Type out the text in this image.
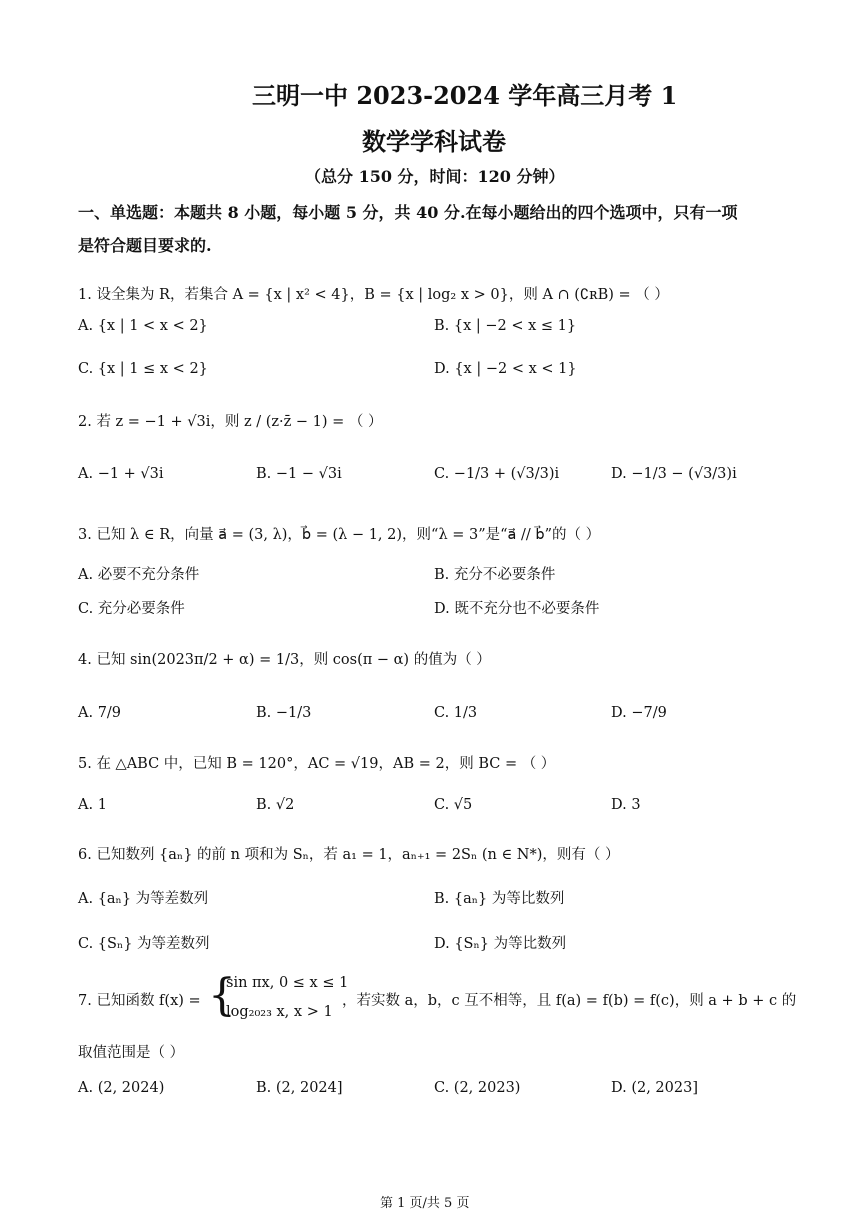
三明一中 2023-2024 学年高三月考 1
数学学科试卷
（总分 150 分，时间：120 分钟）
一、单选题：本题共 8 小题，每小题 5 分，共 40 分.在每小题给出的四个选项中，只有一项
是符合题目要求的.
1. 设全集为 R，若集合 A = {x | x² < 4}，B = {x | log₂ x > 0}，则 A ∩ (∁ʀB) = （ ）
A. {x | 1 < x < 2}	B. {x | −2 < x ≤ 1}
C. {x | 1 ≤ x < 2}	D. {x | −2 < x < 1}
2. 若 z = −1 + √3i，则 z / (z·z̄ − 1) = （ ）
A. −1 + √3i	B. −1 − √3i	C. −1/3 + (√3/3)i	D. −1/3 − (√3/3)i
3. 已知 λ ∈ R，向量 a⃗ = (3, λ)，b⃗ = (λ − 1, 2)，则“λ = 3”是“a⃗ // b⃗”的（ ）
A. 必要不充分条件	B. 充分不必要条件
C. 充分必要条件	D. 既不充分也不必要条件
4. 已知 sin(2023π/2 + α) = 1/3，则 cos(π − α) 的值为（ ）
A. 7/9	B. −1/3	C. 1/3	D. −7/9
5. 在 △ABC 中，已知 B = 120°，AC = √19，AB = 2，则 BC = （ ）
A. 1	B. √2	C. √5	D. 3
6. 已知数列 {aₙ} 的前 n 项和为 Sₙ，若 a₁ = 1，aₙ₊₁ = 2Sₙ (n ∈ N*)，则有（ ）
A. {aₙ} 为等差数列	B. {aₙ} 为等比数列
C. {Sₙ} 为等差数列	D. {Sₙ} 为等比数列
7. 已知函数 f(x) = {
sin πx, 0 ≤ x ≤ 1
log₂₀₂₃ x, x > 1
，若实数 a，b，c 互不相等，且 f(a) = f(b) = f(c)，则 a + b + c 的
取值范围是（ ）
A. (2, 2024)	B. (2, 2024]	C. (2, 2023)	D. (2, 2023]
第 1 页/共 5 页
